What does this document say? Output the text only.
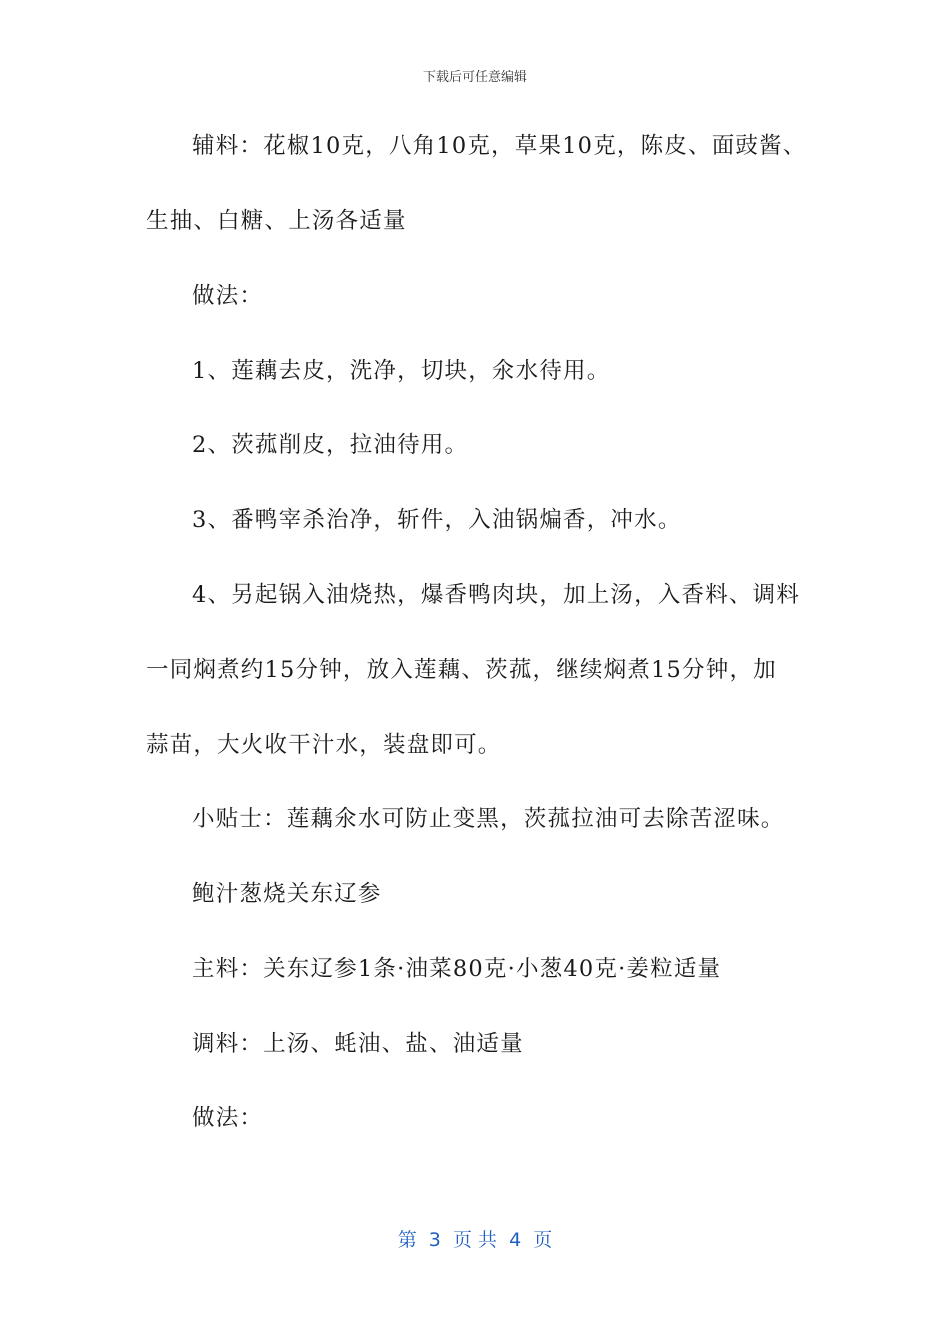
下载后可任意编辑
辅料：花椒10克，八角10克，草果10克，陈皮、面豉酱、
生抽、白糖、上汤各适量
做法：
1、莲藕去皮，洗净，切块，氽水待用。
2、茨菰削皮，拉油待用。
3、番鸭宰杀治净，斩件，入油锅煸香，冲水。
4、另起锅入油烧热，爆香鸭肉块，加上汤，入香料、调料
一同焖煮约15分钟，放入莲藕、茨菰，继续焖煮15分钟，加
蒜苗，大火收干汁水，装盘即可。
小贴士：莲藕氽水可防止变黑，茨菰拉油可去除苦涩味。
鲍汁葱烧关东辽参
主料：关东辽参1条·油菜80克·小葱40克·姜粒适量
调料：上汤、蚝油、盐、油适量
做法：
第  3  页 共  4  页
